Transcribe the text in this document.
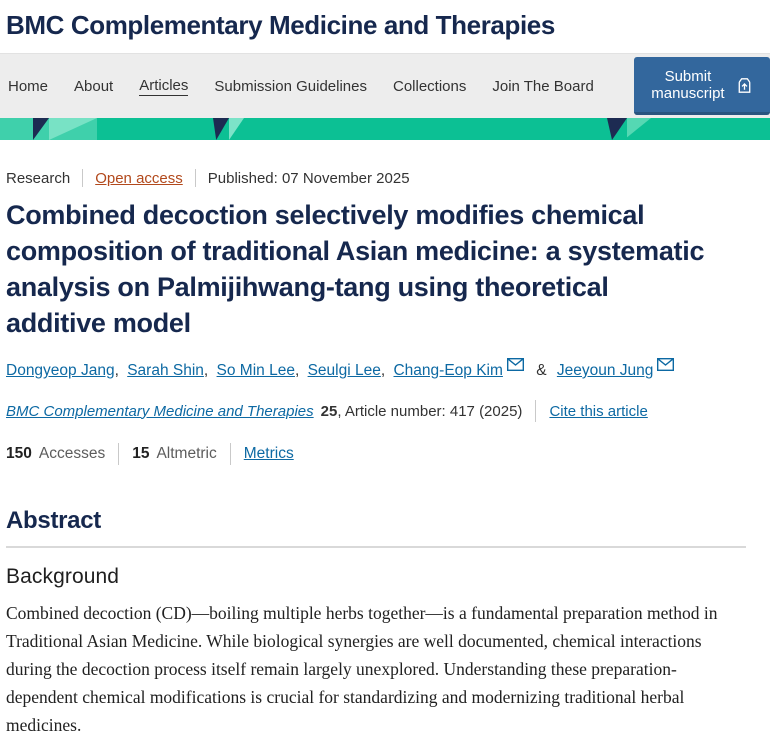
BMC Complementary Medicine and Therapies
Home About Articles Submission Guidelines Collections Join The Board
Submit manuscript
Research Open access Published: 07 November 2025
Combined decoction selectively modifies chemical composition of traditional Asian medicine: a systematic analysis on Palmijihwang-tang using theoretical additive model
Dongyeop Jang, Sarah Shin, So Min Lee, Seulgi Lee, Chang-Eop Kim & Jeeyoun Jung
BMC Complementary Medicine and Therapies 25 , Article number: 417 (2025) Cite this article
150 Accesses 15 Altmetric Metrics
Abstract
Background

Combined decoction (CD)—boiling multiple herbs together—is a fundamental preparation method in Traditional Asian Medicine. While biological synergies are well documented, chemical interactions during the decoction process itself remain largely unexplored. Understanding these preparation-dependent chemical modifications is crucial for standardizing and modernizing traditional herbal medicines.
